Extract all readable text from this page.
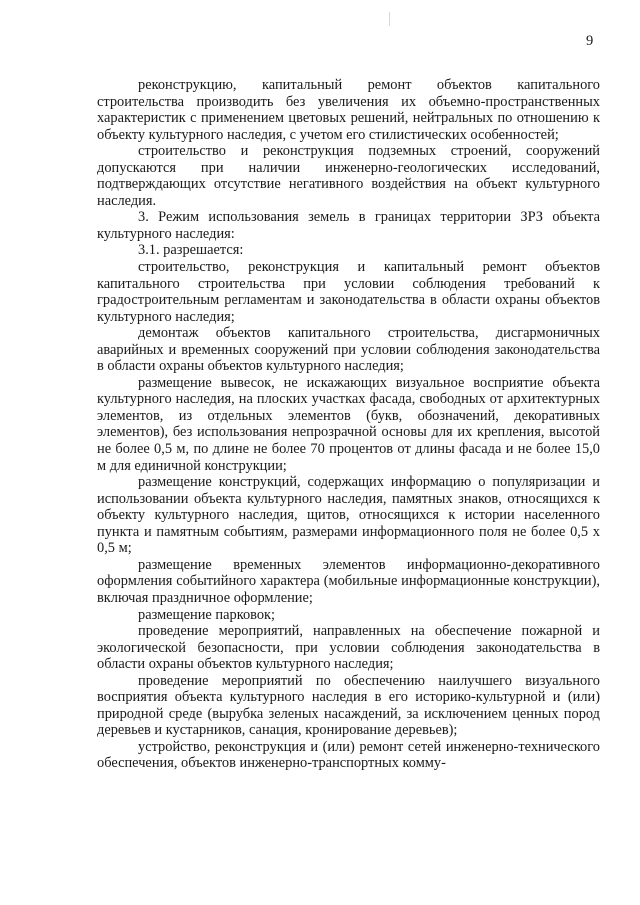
9

реконструкцию, капитальный ремонт объектов капитального строительства производить без увеличения их объемно-пространственных характеристик с применением цветовых решений, нейтральных по отношению к объекту культурного наследия, с учетом его стилистических особенностей;

строительство и реконструкция подземных строений, сооружений допускаются при наличии инженерно-геологических исследований, подтверждающих отсутствие негативного воздействия на объект культурного наследия.

3. Режим использования земель в границах территории ЗРЗ объекта культурного наследия:

3.1. разрешается:

строительство, реконструкция и капитальный ремонт объектов капитального строительства при условии соблюдения требований к градостроительным регламентам и законодательства в области охраны объектов культурного наследия;

демонтаж объектов капитального строительства, дисгармоничных аварийных и временных сооружений при условии соблюдения законодательства в области охраны объектов культурного наследия;

размещение вывесок, не искажающих визуальное восприятие объекта культурного наследия, на плоских участках фасада, свободных от архитектурных элементов, из отдельных элементов (букв, обозначений, декоративных элементов), без использования непрозрачной основы для их крепления, высотой не более 0,5 м, по длине не более 70 процентов от длины фасада и не более 15,0 м для единичной конструкции;

размещение конструкций, содержащих информацию о популяризации и использовании объекта культурного наследия, памятных знаков, относящихся к объекту культурного наследия, щитов, относящихся к истории населенного пункта и памятным событиям, размерами информационного поля не более 0,5 х 0,5 м;

размещение временных элементов информационно-декоративного оформления событийного характера (мобильные информационные конструкции), включая праздничное оформление;

размещение парковок;

проведение мероприятий, направленных на обеспечение пожарной и экологической безопасности, при условии соблюдения законодательства в области охраны объектов культурного наследия;

проведение мероприятий по обеспечению наилучшего визуального восприятия объекта культурного наследия в его историко-культурной и (или) природной среде (вырубка зеленых насаждений, за исключением ценных пород деревьев и кустарников, санация, кронирование деревьев);

устройство, реконструкция и (или) ремонт сетей инженерно-технического обеспечения, объектов инженерно-транспортных комму-
